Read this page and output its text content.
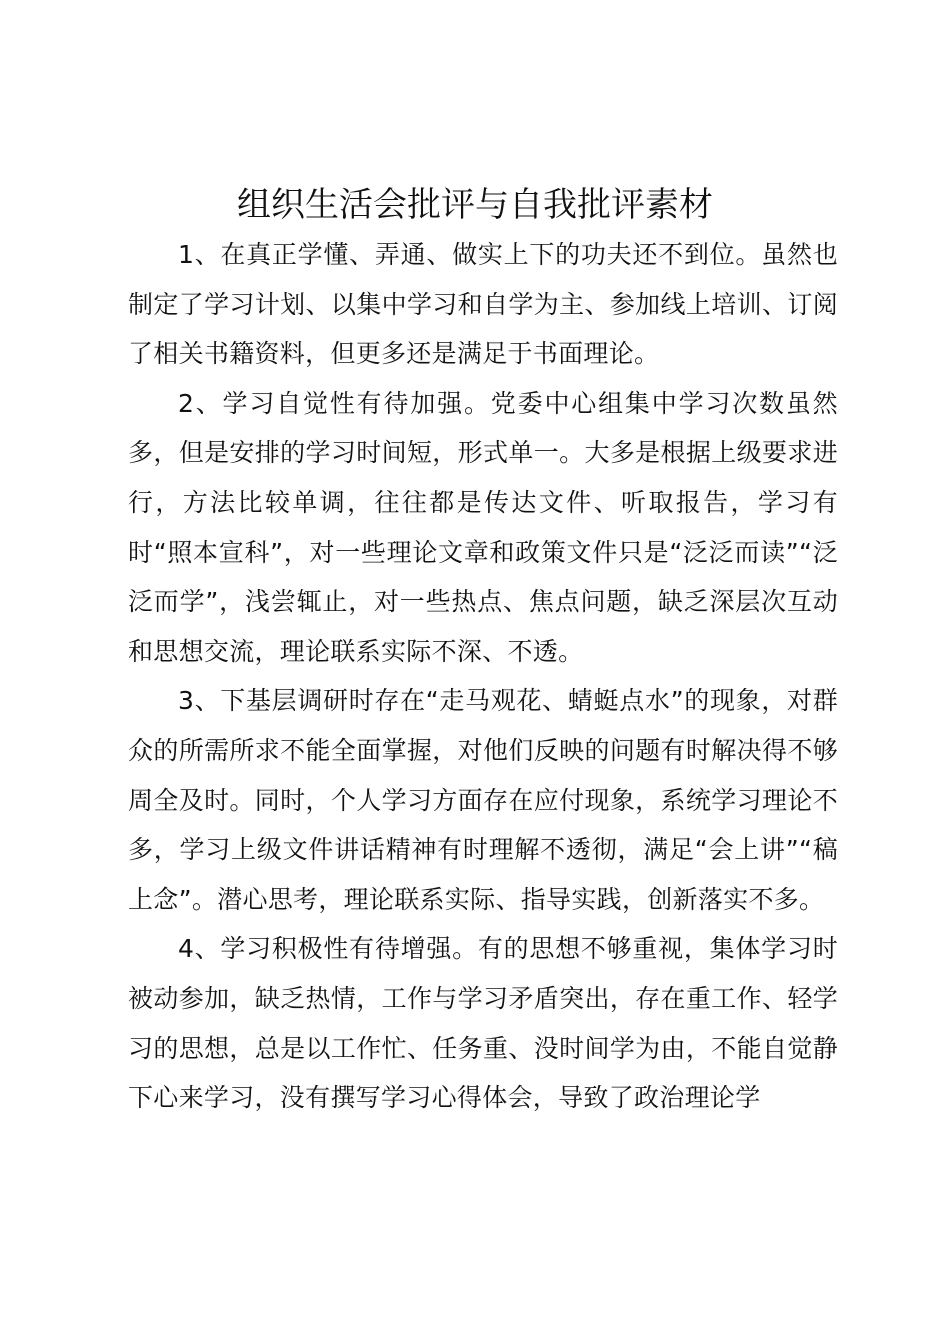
组织生活会批评与自我批评素材

1、在真正学懂、弄通、做实上下的功夫还不到位。虽然也制定了学习计划、以集中学习和自学为主、参加线上培训、订阅了相关书籍资料，但更多还是满足于书面理论。

2、学习自觉性有待加强。党委中心组集中学习次数虽然多，但是安排的学习时间短，形式单一。大多是根据上级要求进行，方法比较单调，往往都是传达文件、听取报告，学习有时“照本宣科”，对一些理论文章和政策文件只是“泛泛而读”“泛泛而学”，浅尝辄止，对一些热点、焦点问题，缺乏深层次互动和思想交流，理论联系实际不深、不透。

3、下基层调研时存在“走马观花、蜻蜓点水”的现象，对群众的所需所求不能全面掌握，对他们反映的问题有时解决得不够周全及时。同时，个人学习方面存在应付现象，系统学习理论不多，学习上级文件讲话精神有时理解不透彻，满足“会上讲”“稿上念”。潜心思考，理论联系实际、指导实践，创新落实不多。

4、学习积极性有待增强。有的思想不够重视，集体学习时被动参加，缺乏热情，工作与学习矛盾突出，存在重工作、轻学习的思想，总是以工作忙、任务重、没时间学为由，不能自觉静下心来学习，没有撰写学习心得体会，导致了政治理论学
